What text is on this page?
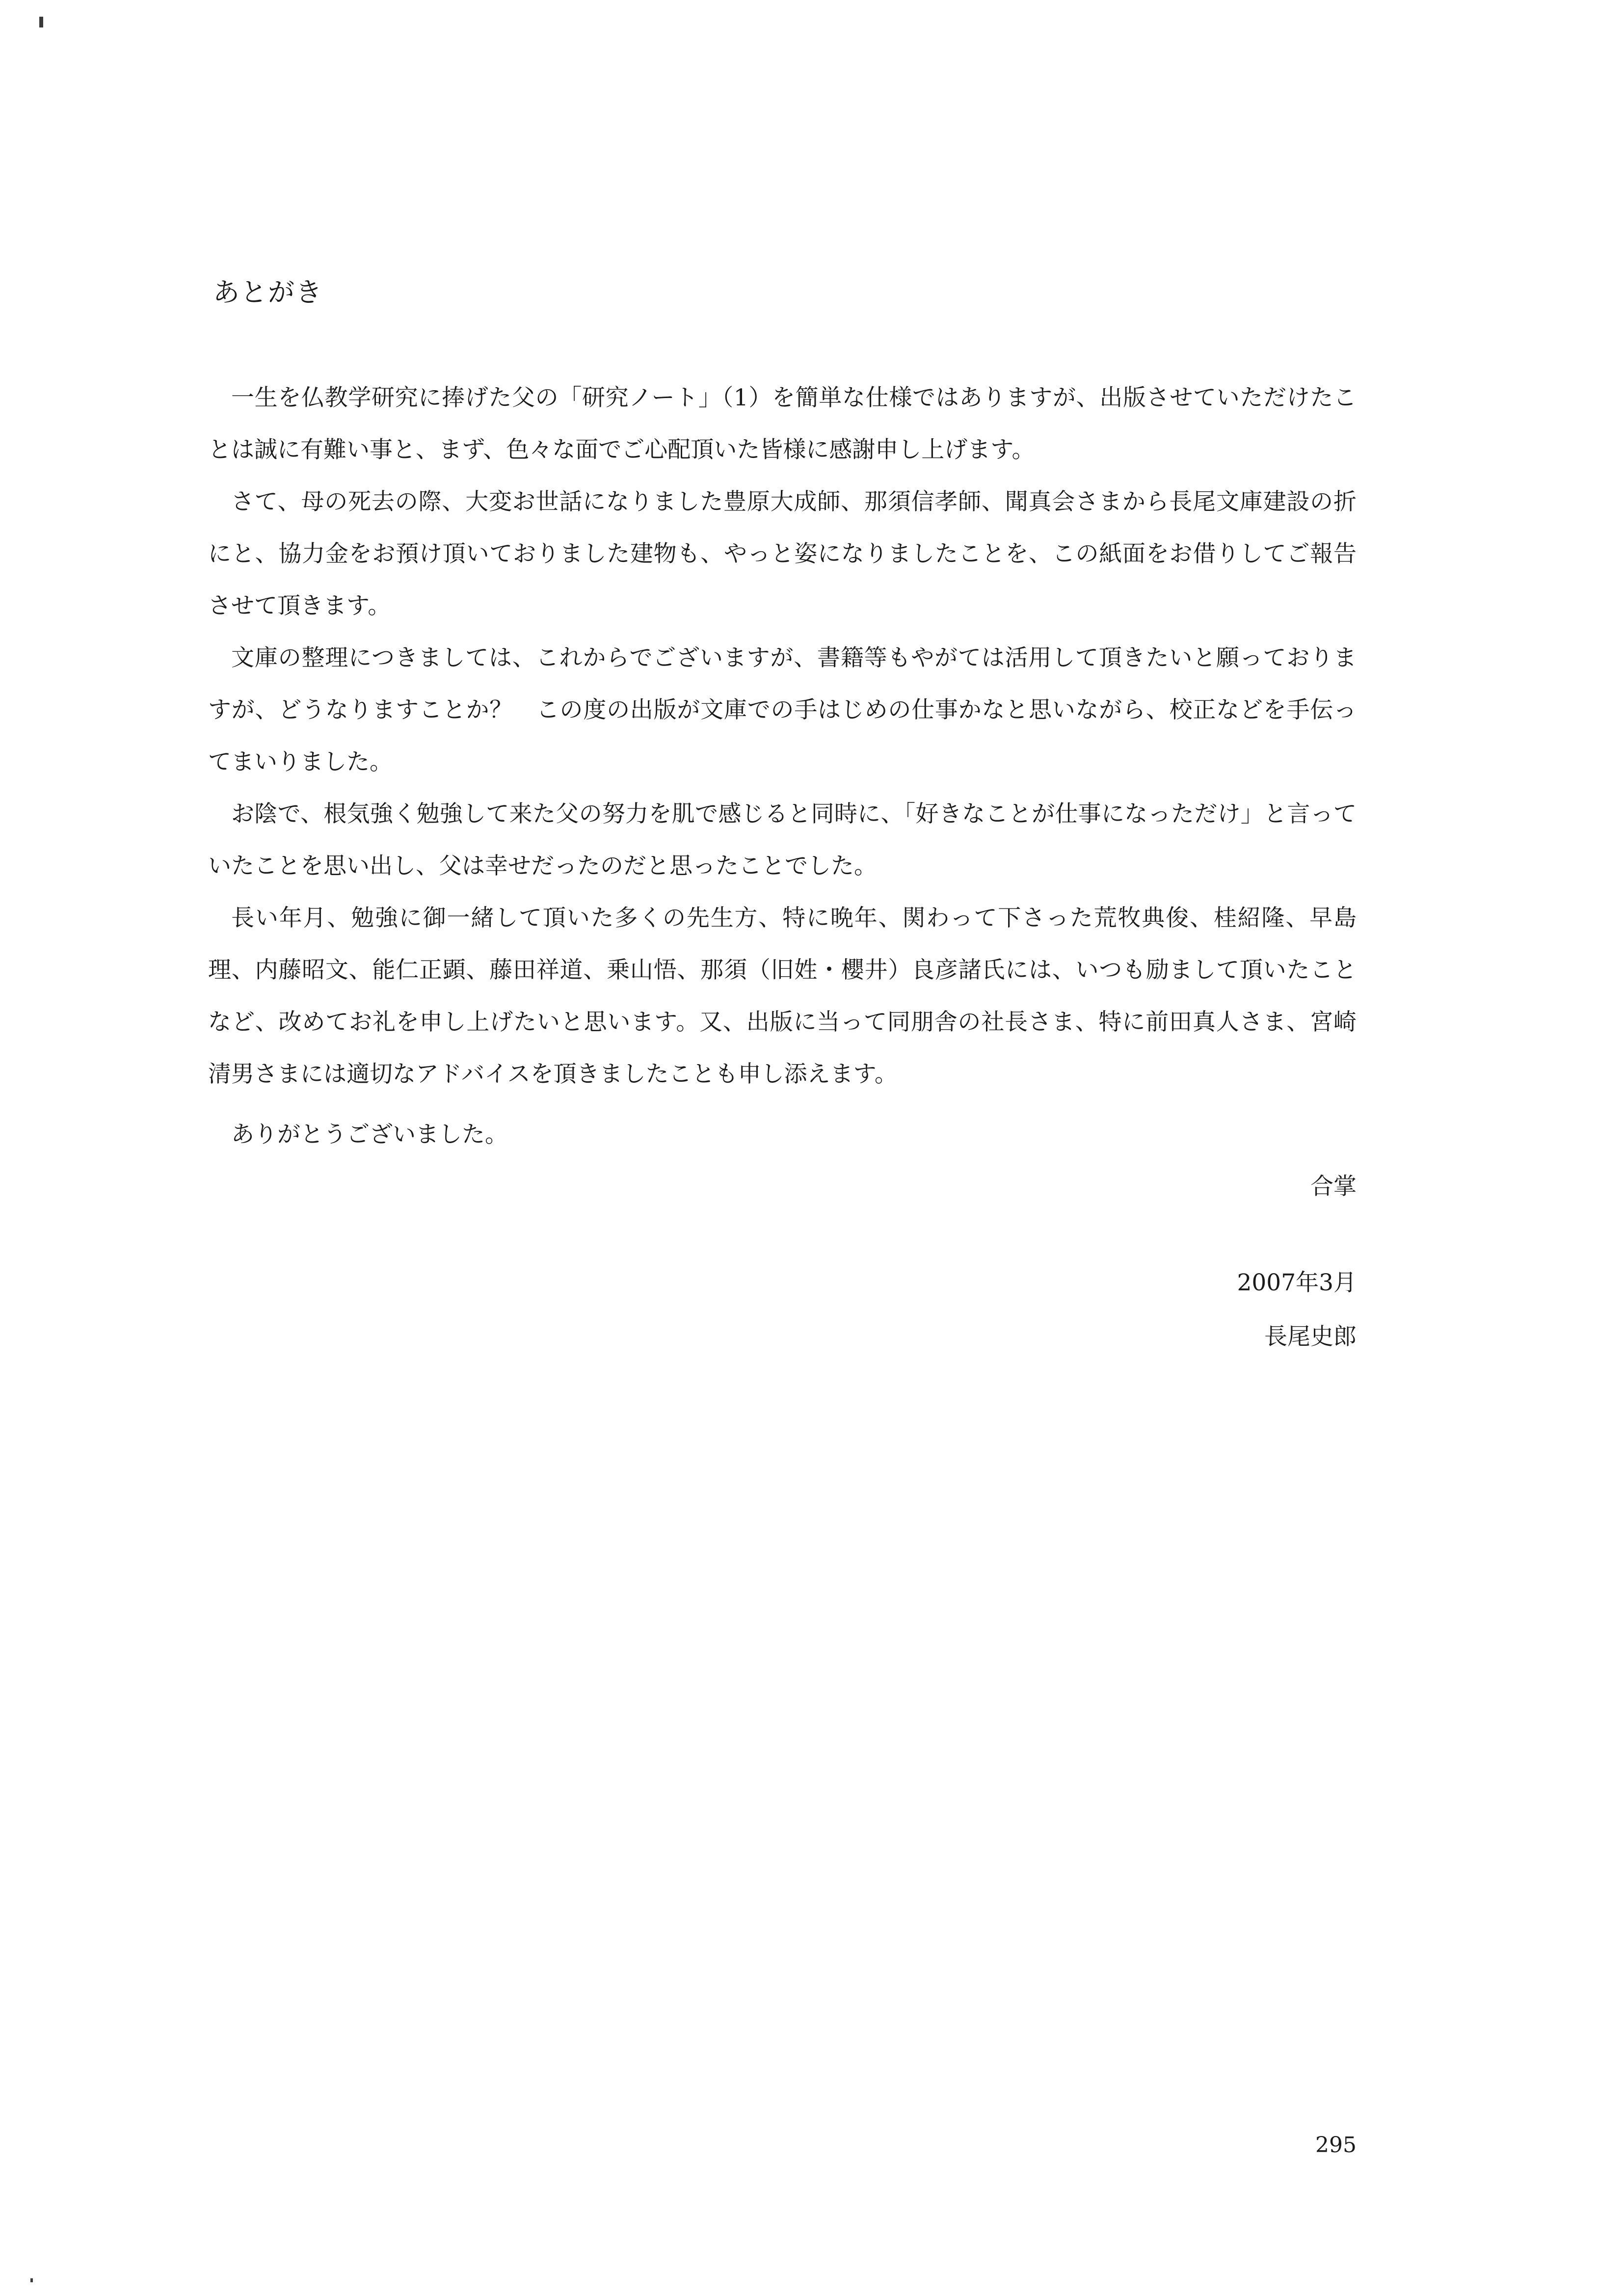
あとがき

一生を仏教学研究に捧げた父の「研究ノート」（1）を簡単な仕様ではありますが、出版させていただけたことは誠に有難い事と、まず、色々な面でご心配頂いた皆様に感謝申し上げます。

さて、母の死去の際、大変お世話になりました豊原大成師、那須信孝師、聞真会さまから長尾文庫建設の折にと、協力金をお預け頂いておりました建物も、やっと姿になりましたことを、この紙面をお借りしてご報告させて頂きます。

文庫の整理につきましては、これからでございますが、書籍等もやがては活用して頂きたいと願っておりますが、どうなりますことか？　この度の出版が文庫での手はじめの仕事かなと思いながら、校正などを手伝ってまいりました。

お陰で、根気強く勉強して来た父の努力を肌で感じると同時に、「好きなことが仕事になっただけ」と言っていたことを思い出し、父は幸せだったのだと思ったことでした。

長い年月、勉強に御一緒して頂いた多くの先生方、特に晩年、関わって下さった荒牧典俊、桂紹隆、早島理、内藤昭文、能仁正顕、藤田祥道、乗山悟、那須（旧姓・櫻井）良彦諸氏には、いつも励まして頂いたことなど、改めてお礼を申し上げたいと思います。又、出版に当って同朋舎の社長さま、特に前田真人さま、宮崎清男さまには適切なアドバイスを頂きましたことも申し添えます。

ありがとうございました。
合掌
2007年3月
長尾史郎
295
